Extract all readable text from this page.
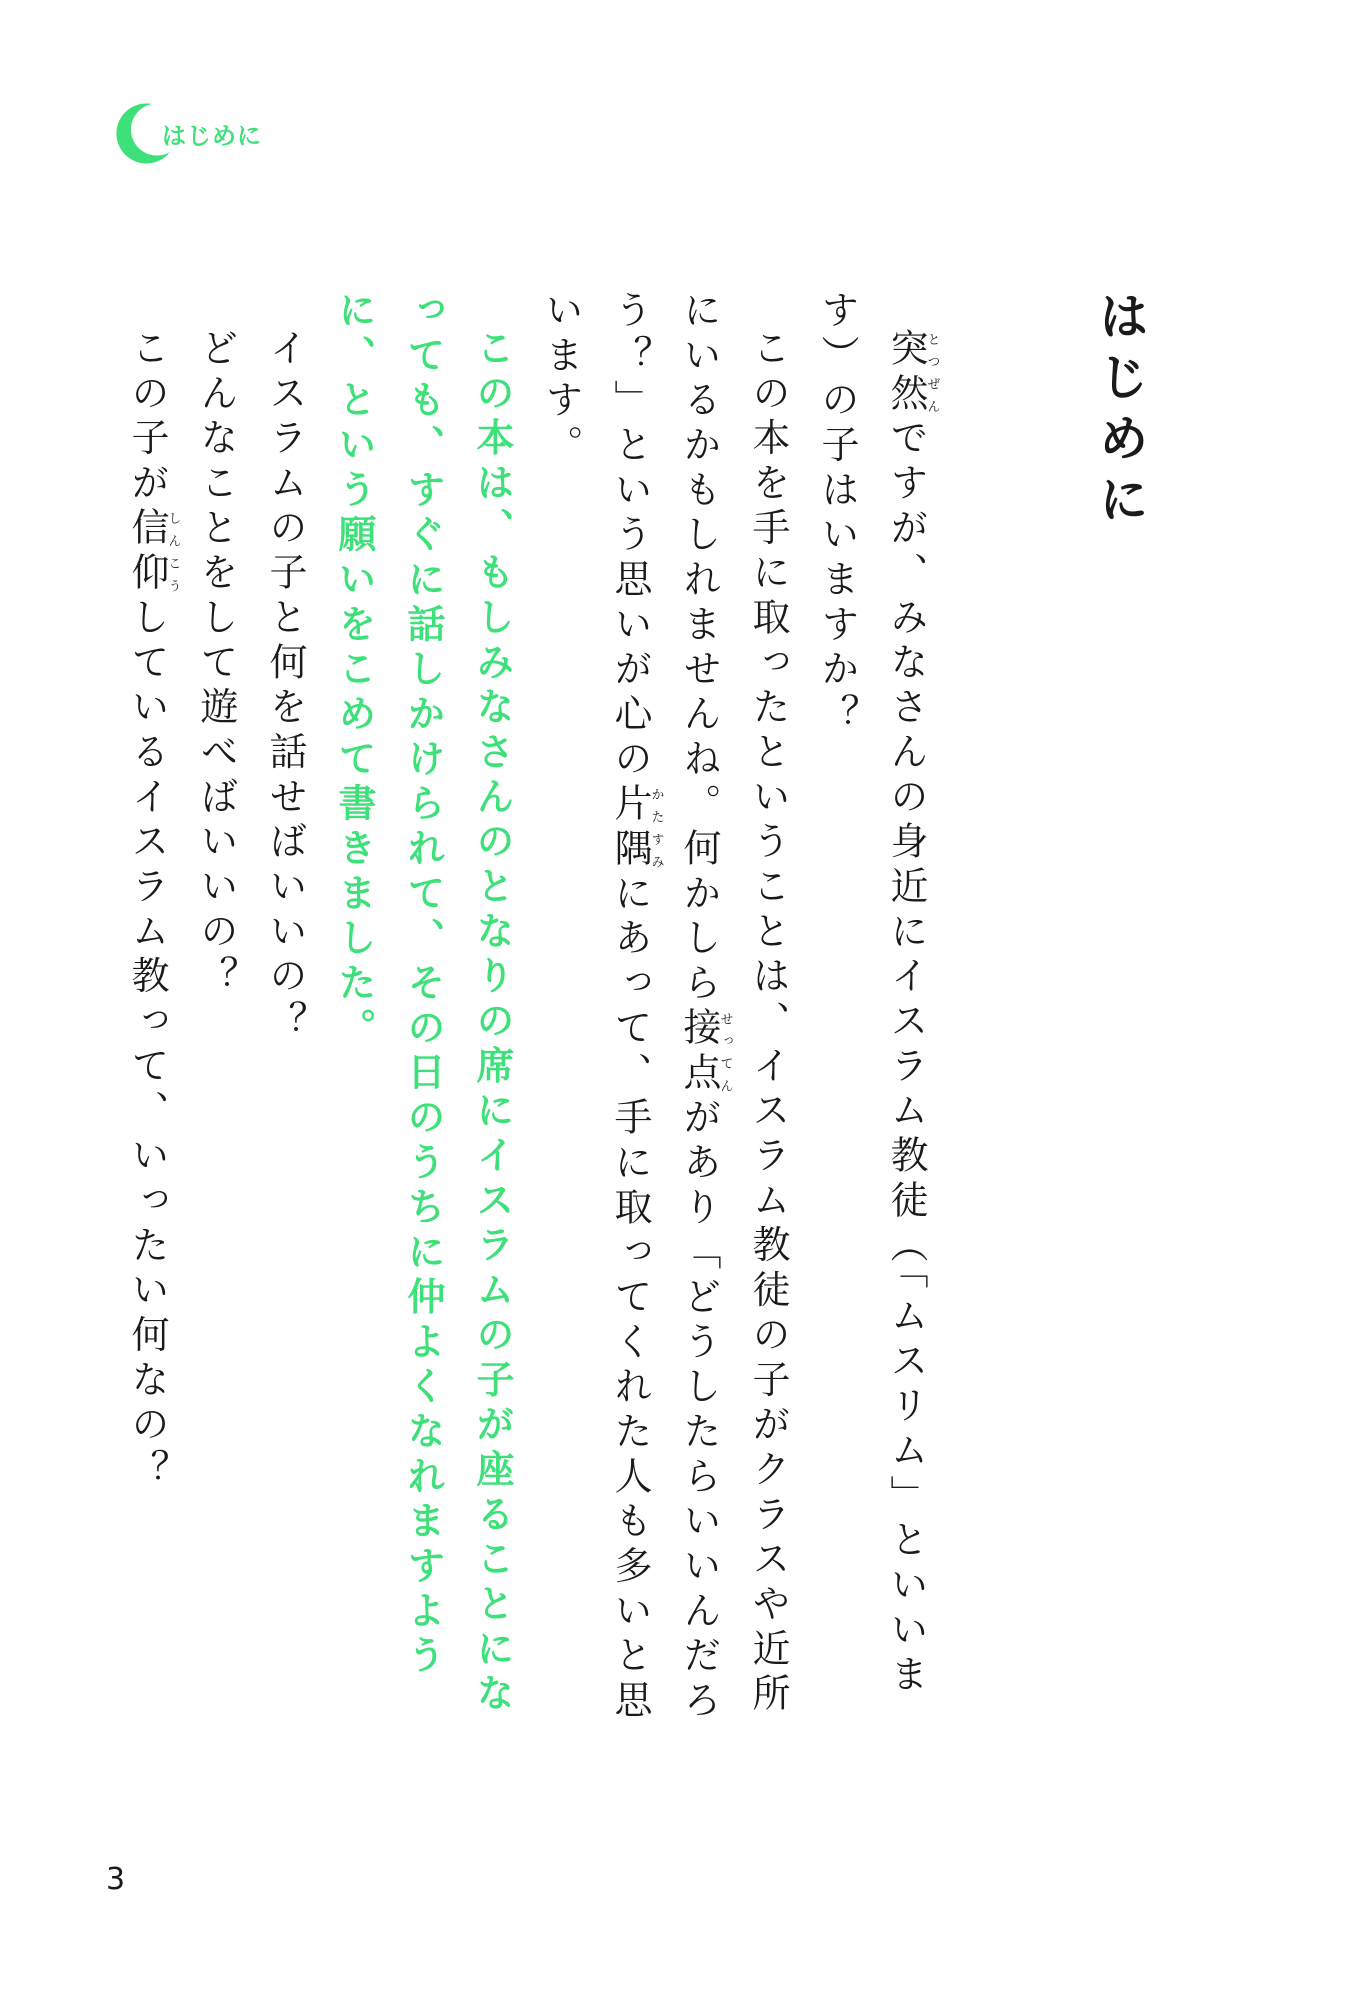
はじめに
はじめに

突然とつぜんですが、みなさんの身近にイスラム教徒（「ムスリム」といいます）の子はいますか？

この本を手に取ったということは、イスラム教徒の子がクラスや近所にいるかもしれませんね。何かしら接点せってんがあり「どうしたらいいんだろう？」という思いが心の片隅かたすみにあって、手に取ってくれた人も多いと思います。

この本は、もしみなさんのとなりの席にイスラムの子が座ることになっても、すぐに話しかけられて、その日のうちに仲よくなれますように、という願いをこめて書きました。

イスラムの子と何を話せばいいの？

どんなことをして遊べばいいの？

この子が信仰しんこうしているイスラム教って、いったい何なの？

3
